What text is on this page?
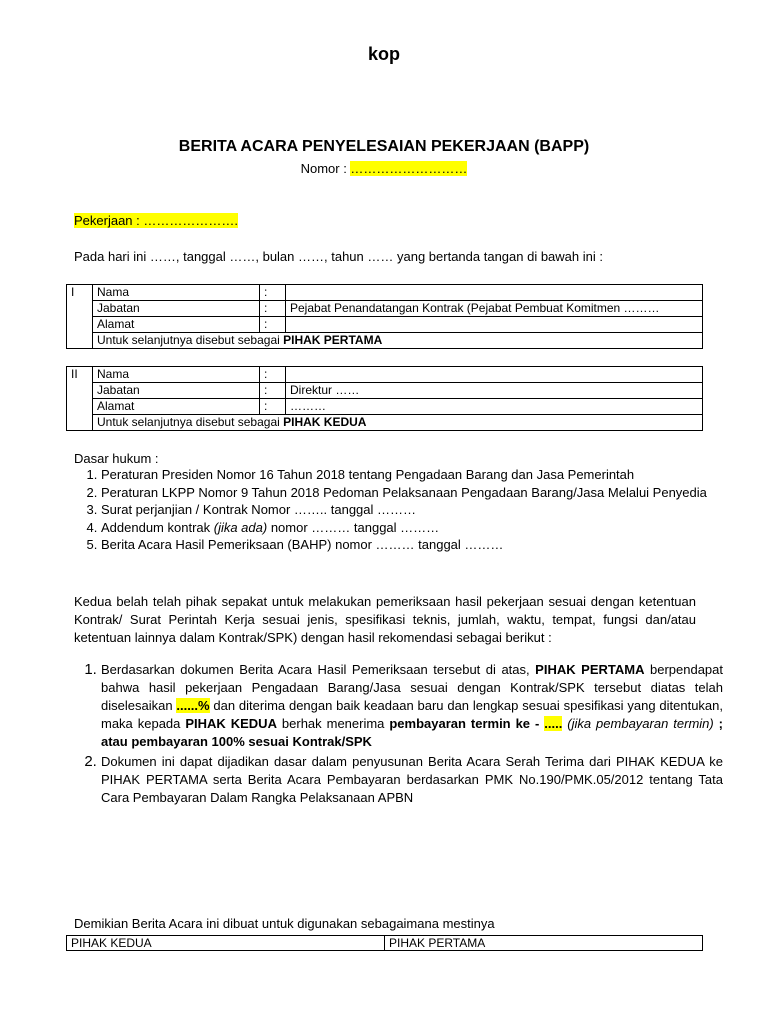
kop
BERITA ACARA PENYELESAIAN PEKERJAAN (BAPP)
Nomor : ………………………
Pekerjaan : ………………….
Pada hari ini ……, tanggal ……, bulan ……, tahun …… yang bertanda tangan di bawah ini :
I	Nama	:	
	Jabatan	:	Pejabat Penandatangan Kontrak (Pejabat Pembuat Komitmen ………
	Alamat	:	
	Untuk selanjutnya disebut sebagai PIHAK PERTAMA		
II	Nama	:	
	Jabatan	:	Direktur ……
	Alamat	:	………
	Untuk selanjutnya disebut sebagai PIHAK KEDUA		
Dasar hukum :
1. Peraturan Presiden Nomor 16 Tahun 2018 tentang Pengadaan Barang dan Jasa Pemerintah
2. Peraturan LKPP Nomor 9 Tahun 2018 Pedoman Pelaksanaan Pengadaan Barang/Jasa Melalui Penyedia
3. Surat perjanjian / Kontrak Nomor …….. tanggal ………
4. Addendum kontrak (jika ada) nomor ……… tanggal ………
5. Berita Acara Hasil Pemeriksaan (BAHP) nomor ……… tanggal ………
Kedua belah telah pihak sepakat untuk melakukan pemeriksaan hasil pekerjaan sesuai dengan ketentuan Kontrak/ Surat Perintah Kerja sesuai jenis, spesifikasi teknis, jumlah, waktu, tempat, fungsi dan/atau ketentuan lainnya dalam Kontrak/SPK) dengan hasil rekomendasi sebagai berikut :
1. Berdasarkan dokumen Berita Acara Hasil Pemeriksaan tersebut di atas, PIHAK PERTAMA berpendapat bahwa hasil pekerjaan Pengadaan Barang/Jasa sesuai dengan Kontrak/SPK tersebut diatas telah diselesaikan ......% dan diterima dengan baik keadaan baru dan lengkap sesuai spesifikasi yang ditentukan, maka kepada PIHAK KEDUA berhak menerima pembayaran termin ke - ..... (jika pembayaran termin) ; atau pembayaran 100% sesuai Kontrak/SPK
2. Dokumen ini dapat dijadikan dasar dalam penyusunan Berita Acara Serah Terima dari PIHAK KEDUA ke PIHAK PERTAMA serta Berita Acara Pembayaran berdasarkan PMK No.190/PMK.05/2012 tentang Tata Cara Pembayaran Dalam Rangka Pelaksanaan APBN
Demikian Berita Acara ini dibuat untuk digunakan sebagaimana mestinya
PIHAK KEDUA	PIHAK PERTAMA
